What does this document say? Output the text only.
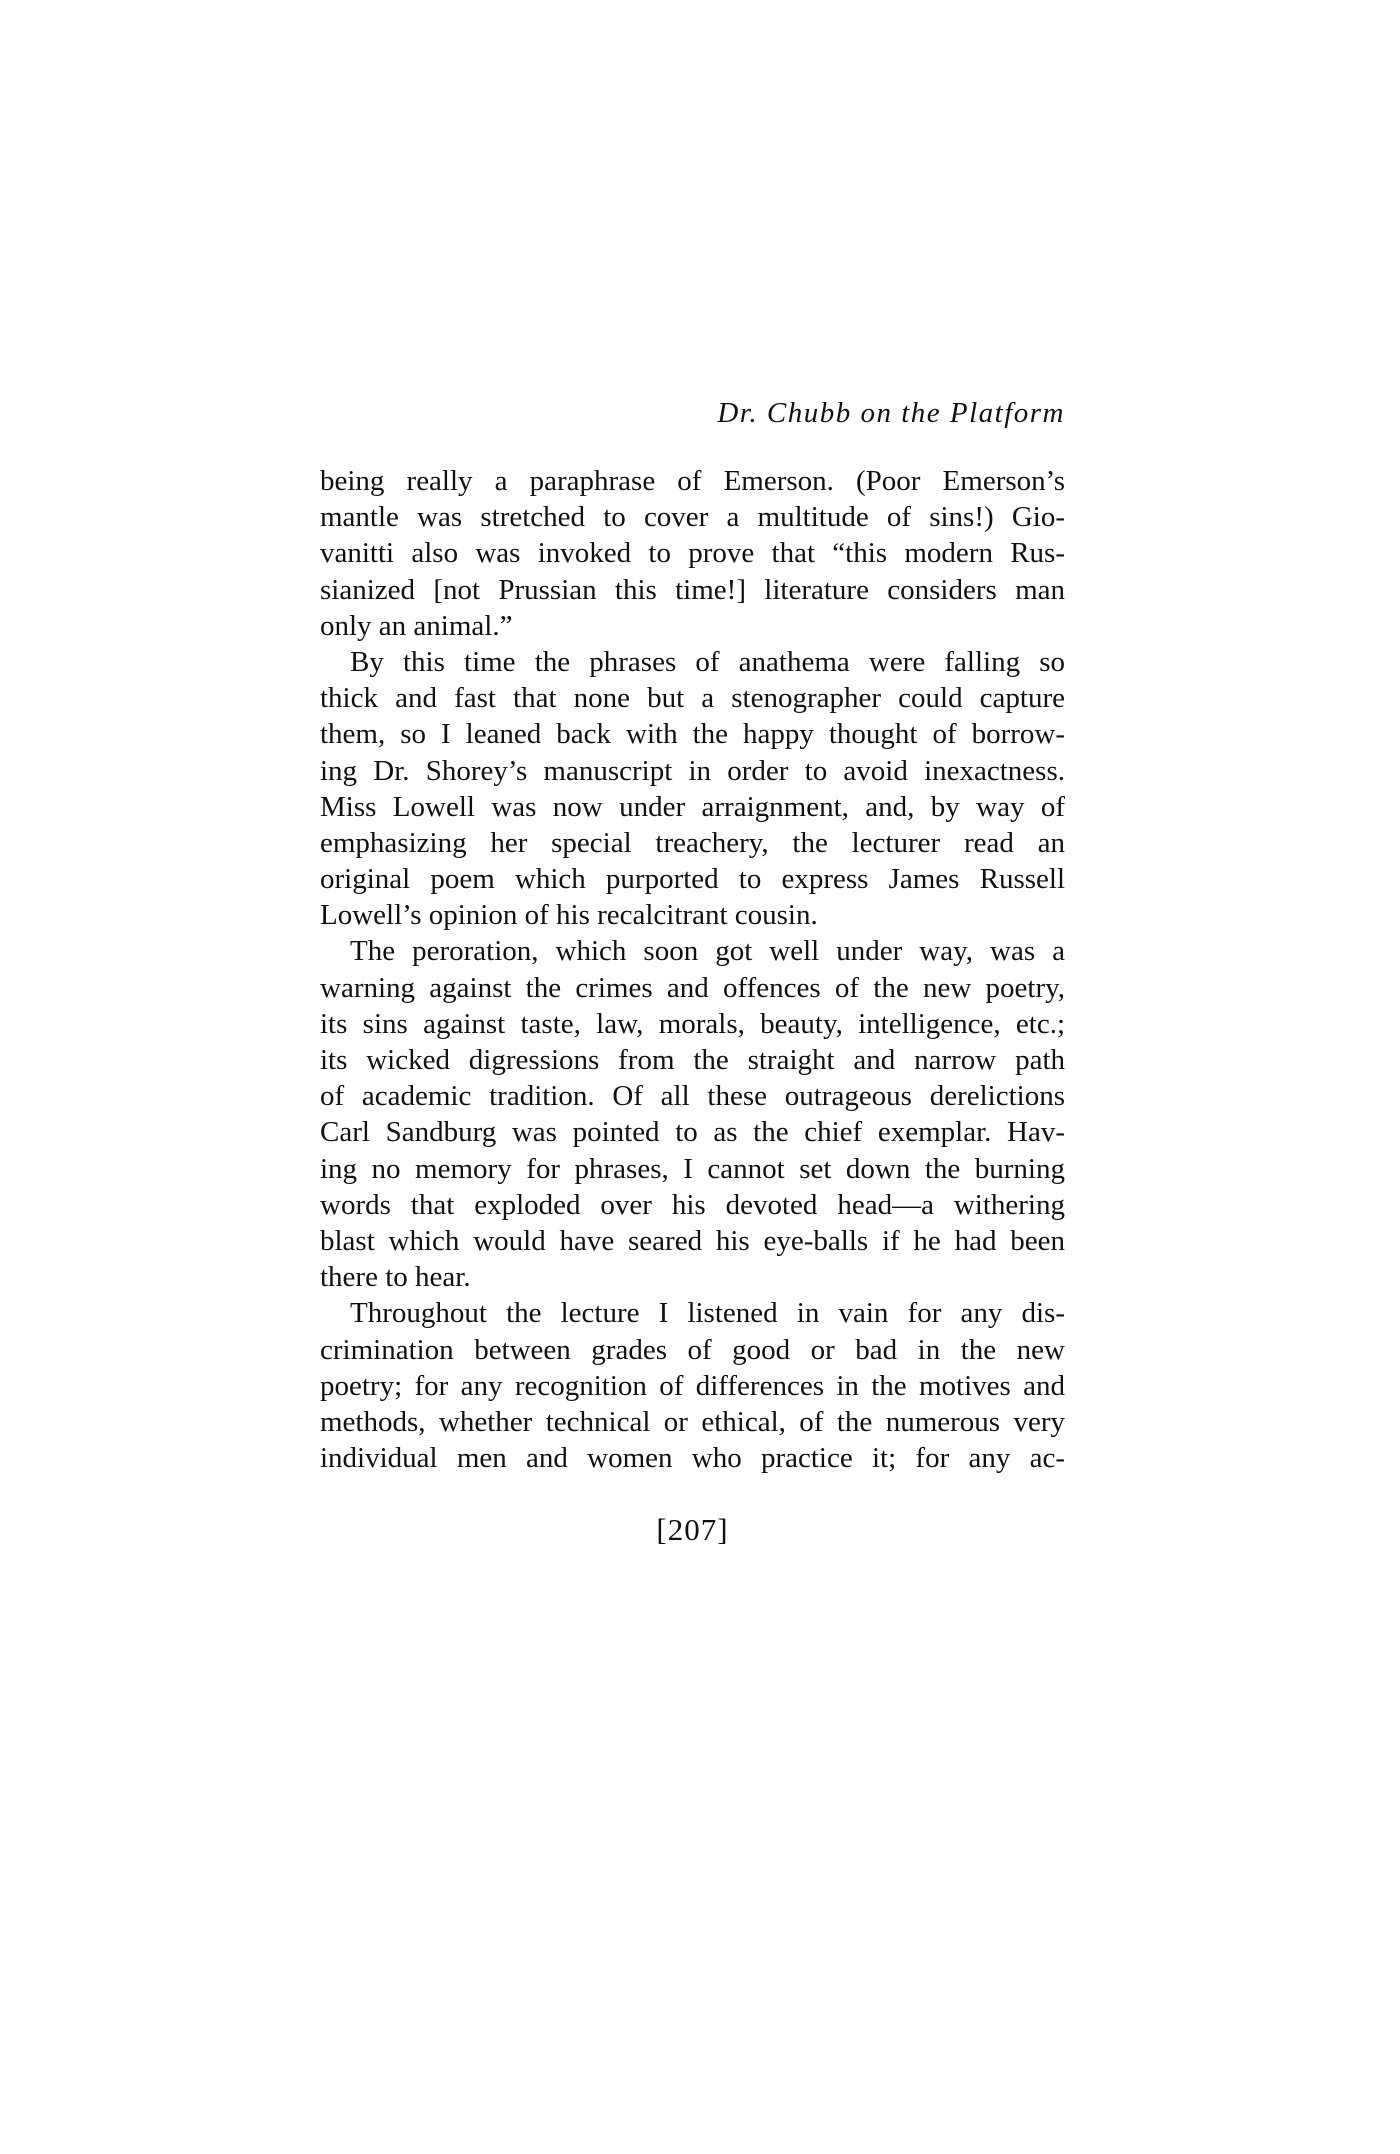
Dr. Chubb on the Platform
being really a paraphrase of Emerson. (Poor Emerson’s
mantle was stretched to cover a multitude of sins!) Gio-
vanitti also was invoked to prove that “this modern Rus-
sianized [not Prussian this time!] literature considers man
only an animal.”
By this time the phrases of anathema were falling so
thick and fast that none but a stenographer could capture
them, so I leaned back with the happy thought of borrow-
ing Dr. Shorey’s manuscript in order to avoid inexactness.
Miss Lowell was now under arraignment, and, by way of
emphasizing her special treachery, the lecturer read an
original poem which purported to express James Russell
Lowell’s opinion of his recalcitrant cousin.
The peroration, which soon got well under way, was a
warning against the crimes and offences of the new poetry,
its sins against taste, law, morals, beauty, intelligence, etc.;
its wicked digressions from the straight and narrow path
of academic tradition. Of all these outrageous derelictions
Carl Sandburg was pointed to as the chief exemplar. Hav-
ing no memory for phrases, I cannot set down the burning
words that exploded over his devoted head—a withering
blast which would have seared his eye-balls if he had been
there to hear.
Throughout the lecture I listened in vain for any dis-
crimination between grades of good or bad in the new
poetry; for any recognition of differences in the motives and
methods, whether technical or ethical, of the numerous very
individual men and women who practice it; for any ac-
[207]
